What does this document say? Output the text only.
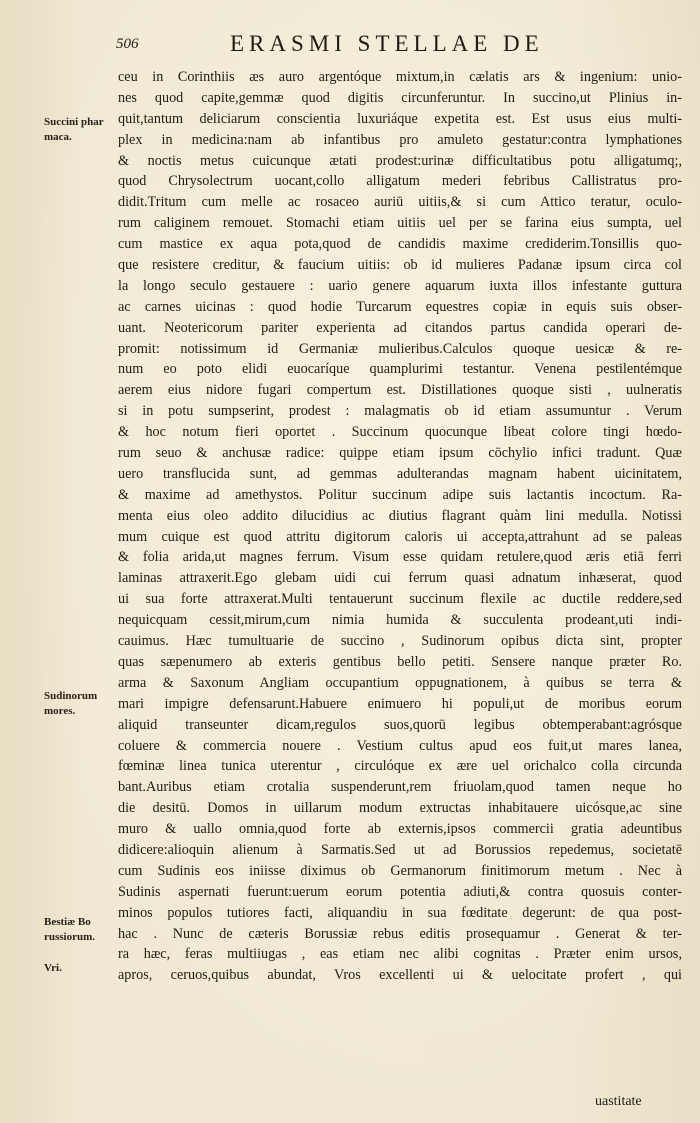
506	ERASMI STELLAE DE
Succini phar
maca.
Sudinorum
mores.
Bestiæ Bo
russiorum.
Vri.
ceu in Corinthiis æs auro argentóque mixtum,in cælatis ars & ingenium: unio-
nes quod capite,gemmæ quod digitis circunferuntur. In succino,ut Plinius in-
quit,tantum deliciarum conscientia luxuriáque expetita est. Est usus eius multi-
plex in medicina:nam ab infantibus pro amuleto gestatur:contra lymphationes
& noctis metus cuicunque ætati prodest:urinæ difficultatibus potu alligatumq;,
quod Chrysolectrum uocant,collo alligatum mederi febribus Callistratus pro-
didit.Tritum cum melle ac rosaceo auriū uitiis,& si cum Attico teratur, oculo-
rum caliginem remouet. Stomachi etiam uitiis uel per se farina eius sumpta, uel
cum mastice ex aqua pota,quod de candidis maxime crediderim.Tonsillis quo-
que resistere creditur, & faucium uitiis: ob id mulieres Padanæ ipsum circa col
la longo seculo gestauere : uario genere aquarum iuxta illos infestante guttura
ac carnes uicinas : quod hodie Turcarum equestres copiæ in equis suis obser-
uant. Neotericorum pariter experienta ad citandos partus candida operari de-
promit: notissimum id Germaniæ mulieribus.Calculos quoque uesicæ & re-
num eo poto elidi euocaríque quamplurimi testantur. Venena pestilentémque
aerem eius nidore fugari compertum est. Distillationes quoque sisti , uulneratis
si in potu sumpserint, prodest : malagmatis ob id etiam assumuntur . Verum
& hoc notum fieri oportet . Succinum quocunque libeat colore tingi hœdo-
rum seuo & anchusæ radice: quippe etiam ipsum cōchylio infici tradunt. Quæ
uero transflucida sunt, ad gemmas adulterandas magnam habent uicinitatem,
& maxime ad amethystos. Politur succinum adipe suis lactantis incoctum. Ra-
menta eius oleo addito dilucidius ac diutius flagrant quàm lini medulla. Notissi
mum cuique est quod attritu digitorum caloris ui accepta,attrahunt ad se paleas
& folia arida,ut magnes ferrum. Visum esse quidam retulere,quod æris etiā ferri
laminas attraxerit.Ego glebam uidi cui ferrum quasi adnatum inhæserat, quod
ui sua forte attraxerat.Multi tentauerunt succinum flexile ac ductile reddere,sed
nequicquam cessit,mirum,cum nimia humida & succulenta prodeant,uti indi-
cauimus. Hæc tumultuarie de succino , Sudinorum opibus dicta sint, propter
quas sæpenumero ab exteris gentibus bello petiti. Sensere nanque præter Ro.
arma & Saxonum Angliam occupantium oppugnationem, à quibus se terra &
mari impigre defensarunt.Habuere enimuero hi populi,ut de moribus eorum
aliquid transeunter dicam,regulos suos,quorū legibus obtemperabant:agrósque
coluere & commercia nouere . Vestium cultus apud eos fuit,ut mares lanea,
fœminæ linea tunica uterentur , circulóque ex ære uel orichalco colla circunda
bant.Auribus etiam crotalia suspenderunt,rem friuolam,quod tamen neque ho
die desitū. Domos in uillarum modum extructas inhabitauere uicósque,ac sine
muro & uallo omnia,quod forte ab externis,ipsos commercii gratia adeuntibus
didicere:alioquin alienum à Sarmatis.Sed ut ad Borussios repedemus, societatē
cum Sudinis eos iniisse diximus ob Germanorum finitimorum metum . Nec à
Sudinis aspernati fuerunt:uerum eorum potentia adiuti,& contra quosuis conter-
minos populos tutiores facti, aliquandiu in sua fœditate degerunt: de qua post-
hac . Nunc de cæteris Borussiæ rebus editis prosequamur . Generat & ter-
ra hæc, feras multiiugas , eas etiam nec alibi cognitas . Præter enim ursos,
apros, ceruos,quibus abundat, Vros excellenti ui & uelocitate profert , qui
uastitate
